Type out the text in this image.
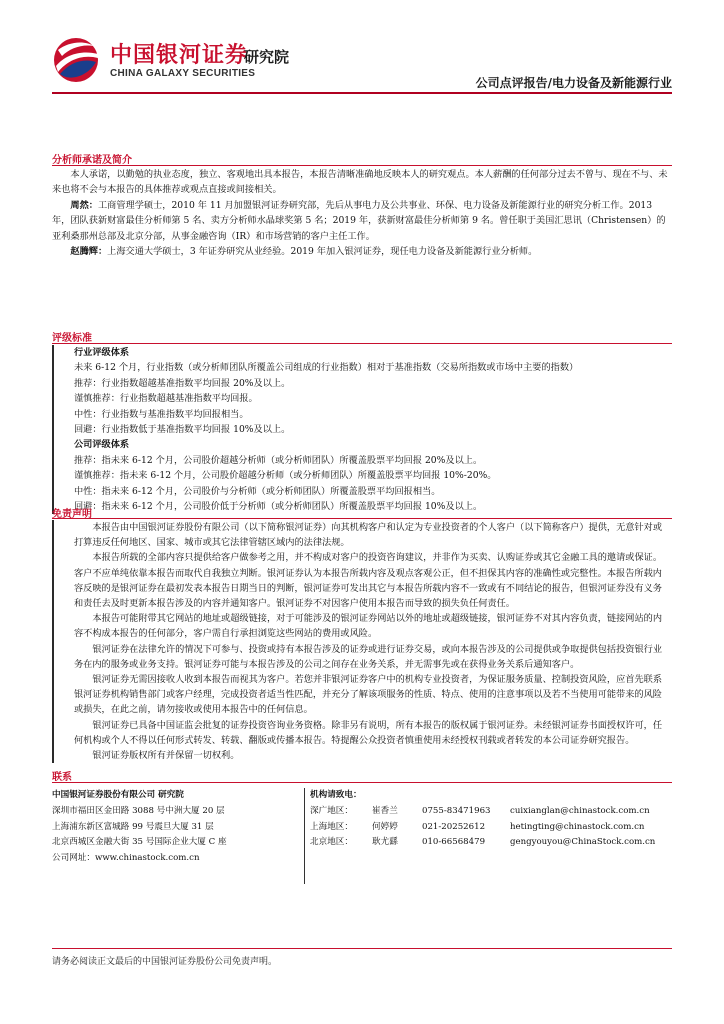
中国银河证券
研究院
CHINA GALAXY SECURITIES
公司点评报告/电力设备及新能源行业
分析师承诺及简介

本人承诺，以勤勉的执业态度，独立、客观地出具本报告，本报告清晰准确地反映本人的研究观点。本人薪酬的任何部分过去不曾与、现在不与、未来也将不会与本报告的具体推荐或观点直接或间接相关。

周然：工商管理学硕士，2010 年 11 月加盟银河证券研究部，先后从事电力及公共事业、环保、电力设备及新能源行业的研究分析工作。2013 年，团队获新财富最佳分析师第 5 名、卖方分析师水晶球奖第 5 名；2019 年，获新财富最佳分析师第 9 名。曾任职于美国汇思讯（Christensen）的亚利桑那州总部及北京分部，从事金融咨询（IR）和市场营销的客户主任工作。

赵腾辉：上海交通大学硕士，3 年证券研究从业经验。2019 年加入银河证券，现任电力设备及新能源行业分析师。

评级标准

行业评级体系

未来 6-12 个月，行业指数（或分析师团队所覆盖公司组成的行业指数）相对于基准指数（交易所指数或市场中主要的指数）

推荐：行业指数超越基准指数平均回报 20%及以上。

谨慎推荐：行业指数超越基准指数平均回报。

中性：行业指数与基准指数平均回报相当。

回避：行业指数低于基准指数平均回报 10%及以上。

公司评级体系

推荐：指未来 6-12 个月，公司股价超越分析师（或分析师团队）所覆盖股票平均回报 20%及以上。

谨慎推荐：指未来 6-12 个月，公司股价超越分析师（或分析师团队）所覆盖股票平均回报 10%-20%。

中性：指未来 6-12 个月，公司股价与分析师（或分析师团队）所覆盖股票平均回报相当。

回避：指未来 6-12 个月，公司股价低于分析师（或分析师团队）所覆盖股票平均回报 10%及以上。

免责声明

本报告由中国银河证券股份有限公司（以下简称银河证券）向其机构客户和认定为专业投资者的个人客户（以下简称客户）提供，无意针对或打算违反任何地区、国家、城市或其它法律管辖区域内的法律法规。

本报告所载的全部内容只提供给客户做参考之用，并不构成对客户的投资咨询建议，并非作为买卖、认购证券或其它金融工具的邀请或保证。客户不应单纯依靠本报告而取代自我独立判断。银河证券认为本报告所载内容及观点客观公正，但不担保其内容的准确性或完整性。本报告所载内容反映的是银河证券在最初发表本报告日期当日的判断，银河证券可发出其它与本报告所载内容不一致或有不同结论的报告，但银河证券没有义务和责任去及时更新本报告涉及的内容并通知客户。银河证券不对因客户使用本报告而导致的损失负任何责任。

本报告可能附带其它网站的地址或超级链接，对于可能涉及的银河证券网站以外的地址或超级链接，银河证券不对其内容负责，链接网站的内容不构成本报告的任何部分，客户需自行承担浏览这些网站的费用或风险。

银河证券在法律允许的情况下可参与、投资或持有本报告涉及的证券或进行证券交易，或向本报告涉及的公司提供或争取提供包括投资银行业务在内的服务或业务支持。银河证券可能与本报告涉及的公司之间存在业务关系，并无需事先或在获得业务关系后通知客户。

银河证券无需因接收人收到本报告而视其为客户。若您并非银河证券客户中的机构专业投资者，为保证服务质量、控制投资风险，应首先联系银河证券机构销售部门或客户经理，完成投资者适当性匹配，并充分了解该项服务的性质、特点、使用的注意事项以及若不当使用可能带来的风险或损失，在此之前，请勿接收或使用本报告中的任何信息。

银河证券已具备中国证监会批复的证券投资咨询业务资格。除非另有说明，所有本报告的版权属于银河证券。未经银河证券书面授权许可，任何机构或个人不得以任何形式转发、转载、翻版或传播本报告。特提醒公众投资者慎重使用未经授权刊载或者转发的本公司证券研究报告。

银河证券版权所有并保留一切权利。

联系

中国银河证券股份有限公司 研究院

深圳市福田区金田路 3088 号中洲大厦 20 层

上海浦东新区富城路 99 号震旦大厦 31 层

北京西城区金融大街 35 号国际企业大厦 C 座

公司网址：www.chinastock.com.cn

机构请致电：

深广地区： 崔香兰	0755-83471963 cuixianglan@chinastock.com.cn

上海地区： 何婷婷	021-20252612	hetingting@chinastock.com.cn

北京地区： 耿尤繇	010-66568479	gengyouyou@ChinaStock.com.cn

请务必阅读正文最后的中国银河证券股份公司免责声明。
